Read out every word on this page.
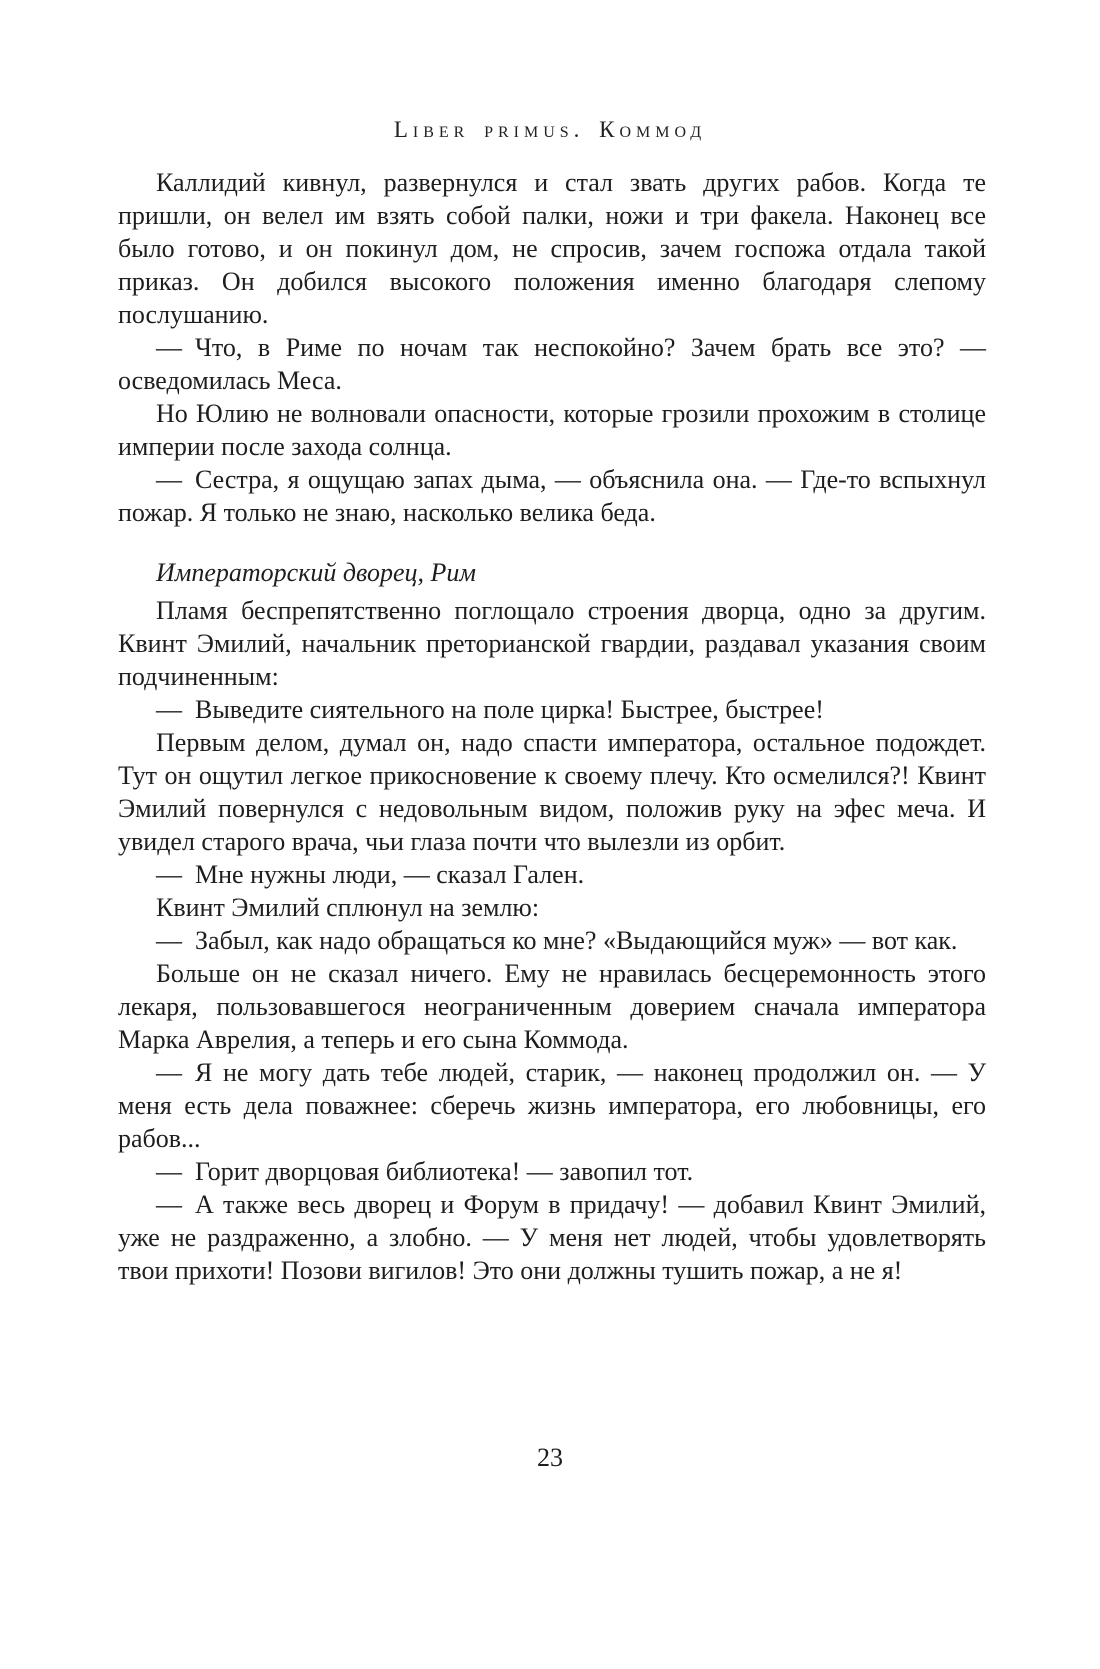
Liber primus. Коммод

Каллидий кивнул, развернулся и стал звать других рабов. Когда те пришли, он велел им взять собой палки, ножи и три факела. Наконец все было готово, и он покинул дом, не спросив, зачем госпожа отдала такой приказ. Он добился высокого положения именно благодаря слепому послушанию.

— Что, в Риме по ночам так неспокойно? Зачем брать все это? — осведомилась Меса.

Но Юлию не волновали опасности, которые грозили прохожим в столице империи после захода солнца.

— Сестра, я ощущаю запах дыма, — объяснила она. — Где-то вспыхнул пожар. Я только не знаю, насколько велика беда.

Императорский дворец, Рим

Пламя беспрепятственно поглощало строения дворца, одно за другим. Квинт Эмилий, начальник преторианской гвардии, раздавал указания своим подчиненным:

— Выведите сиятельного на поле цирка! Быстрее, быстрее!

Первым делом, думал он, надо спасти императора, остальное подождет. Тут он ощутил легкое прикосновение к своему плечу. Кто осмелился?! Квинт Эмилий повернулся с недовольным видом, положив руку на эфес меча. И увидел старого врача, чьи глаза почти что вылезли из орбит.

— Мне нужны люди, — сказал Гален.

Квинт Эмилий сплюнул на землю:

— Забыл, как надо обращаться ко мне? «Выдающийся муж» — вот как.

Больше он не сказал ничего. Ему не нравилась бесцеремонность этого лекаря, пользовавшегося неограниченным доверием сначала императора Марка Аврелия, а теперь и его сына Коммода.

— Я не могу дать тебе людей, старик, — наконец продолжил он. — У меня есть дела поважнее: сберечь жизнь императора, его любовницы, его рабов...

— Горит дворцовая библиотека! — завопил тот.

— А также весь дворец и Форум в придачу! — добавил Квинт Эмилий, уже не раздраженно, а злобно. — У меня нет людей, чтобы удовлетворять твои прихоти! Позови вигилов! Это они должны тушить пожар, а не я!

23
